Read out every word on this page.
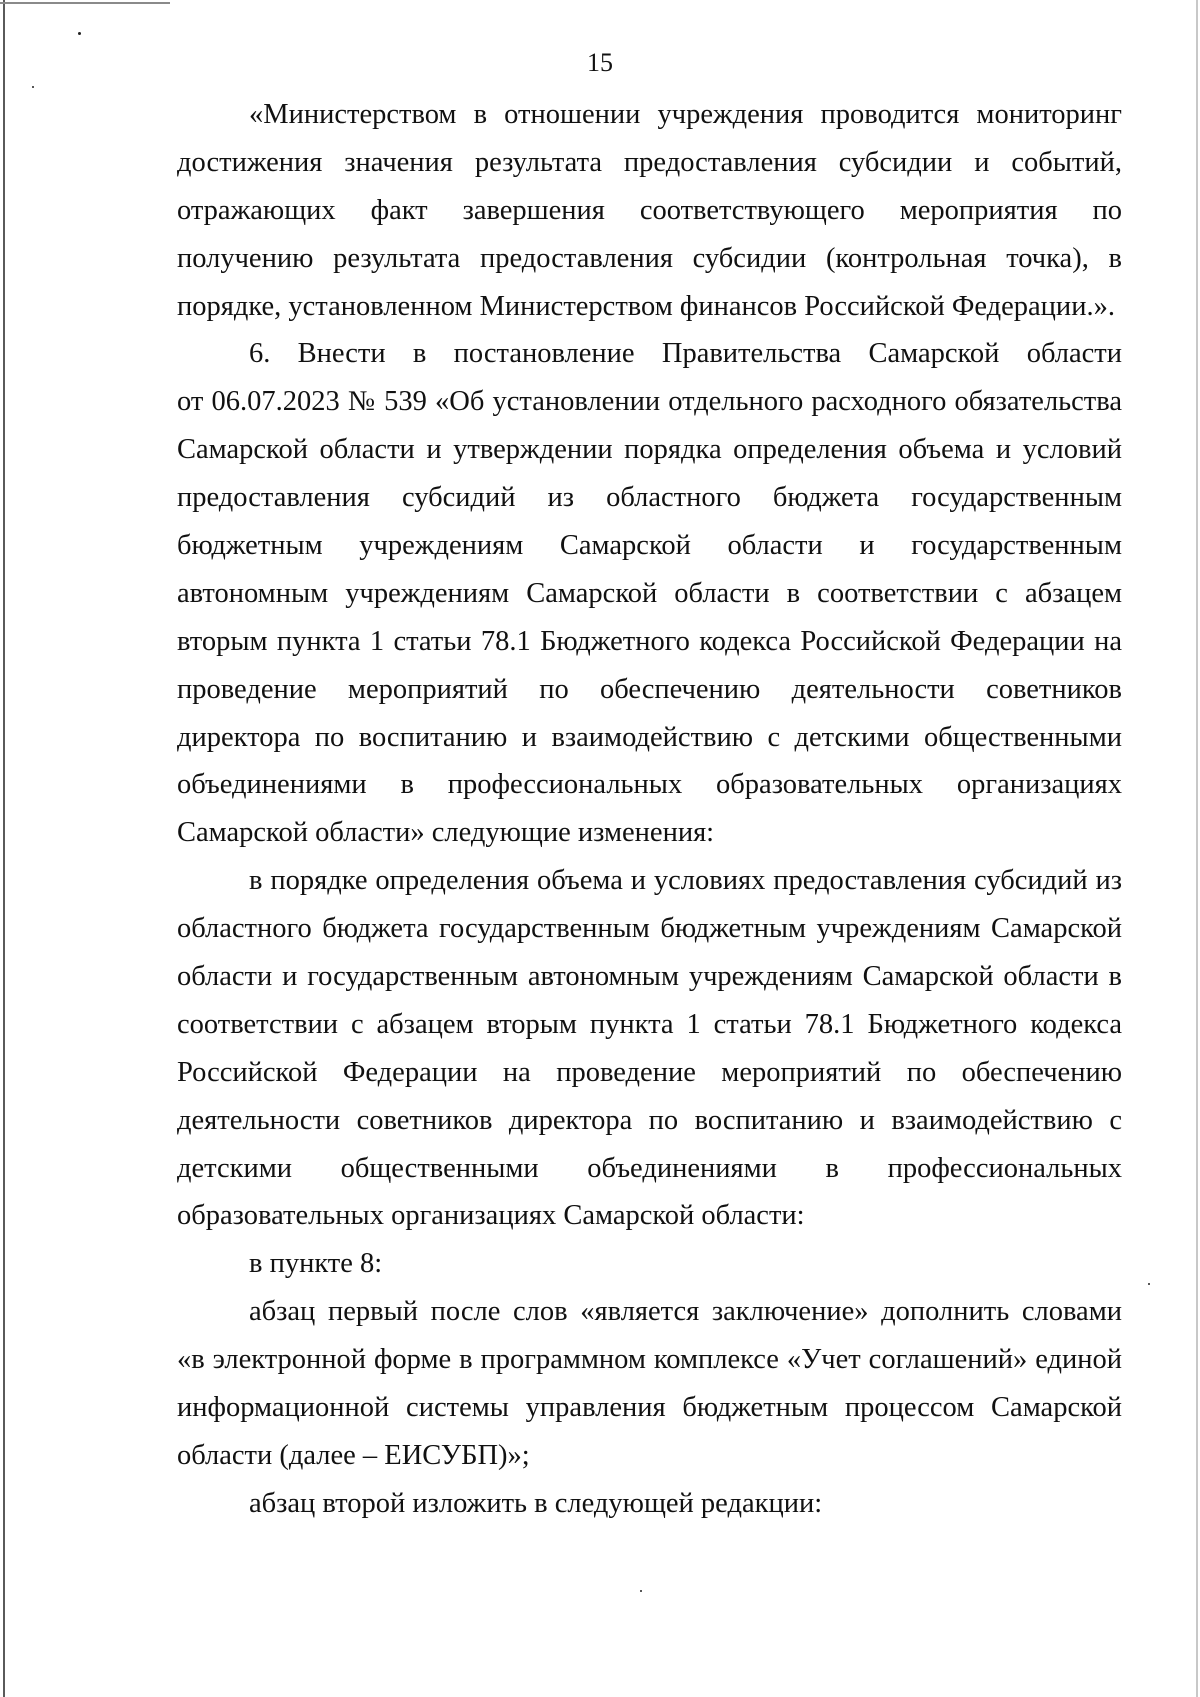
15
«Министерством в отношении учреждения проводится мониторинг
достижения значения результата предоставления субсидии и событий,
отражающих факт завершения соответствующего мероприятия по
получению результата предоставления субсидии (контрольная точка), в
порядке, установленном Министерством финансов Российской Федерации.».
6. Внести в постановление Правительства Самарской области
от 06.07.2023 № 539 «Об установлении отдельного расходного обязательства
Самарской области и утверждении порядка определения объема и условий
предоставления субсидий из областного бюджета государственным
бюджетным учреждениям Самарской области и государственным
автономным учреждениям Самарской области в соответствии с абзацем
вторым пункта 1 статьи 78.1 Бюджетного кодекса Российской Федерации на
проведение мероприятий по обеспечению деятельности советников
директора по воспитанию и взаимодействию с детскими общественными
объединениями в профессиональных образовательных организациях
Самарской области» следующие изменения:
в порядке определения объема и условиях предоставления субсидий из
областного бюджета государственным бюджетным учреждениям Самарской
области и государственным автономным учреждениям Самарской области в
соответствии с абзацем вторым пункта 1 статьи 78.1 Бюджетного кодекса
Российской Федерации на проведение мероприятий по обеспечению
деятельности советников директора по воспитанию и взаимодействию с
детскими общественными объединениями в профессиональных
образовательных организациях Самарской области:
в пункте 8:
абзац первый после слов «является заключение» дополнить словами
«в электронной форме в программном комплексе «Учет соглашений» единой
информационной системы управления бюджетным процессом Самарской
области (далее – ЕИСУБП)»;
абзац второй изложить в следующей редакции:
